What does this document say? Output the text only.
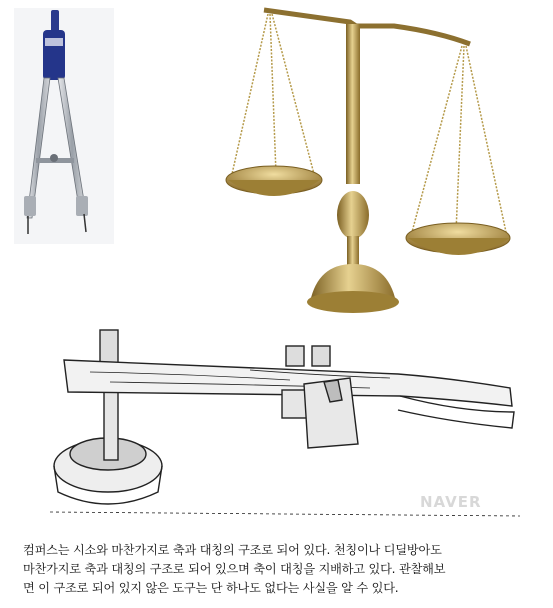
NAVER
컴퍼스는 시소와 마찬가지로 축과 대칭의 구조로 되어 있다. 천칭이나 디딜방아도
마찬가지로 축과 대칭의 구조로 되어 있으며 축이 대칭을 지배하고 있다. 관찰해보
면 이 구조로 되어 있지 않은 도구는 단 하나도 없다는 사실을 알 수 있다.
